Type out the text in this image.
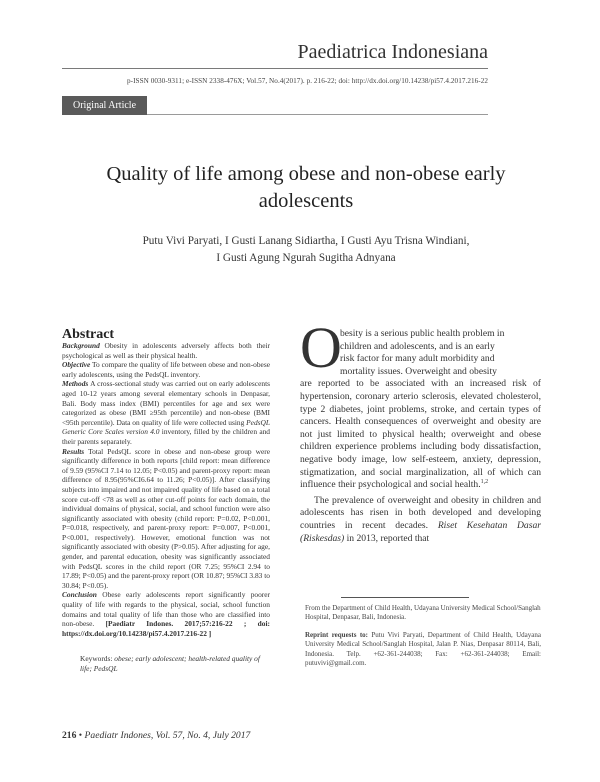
Paediatrica Indonesiana
p-ISSN 0030-9311; e-ISSN 2338-476X; Vol.57, No.4(2017). p. 216-22; doi: http://dx.doi.org/10.14238/pi57.4.2017.216-22
Original Article
Quality of life among obese and non-obese early
adolescents
Putu Vivi Paryati, I Gusti Lanang Sidiartha, I Gusti Ayu Trisna Windiani,
I Gusti Agung Ngurah Sugitha Adnyana
Abstract

Background Obesity in adolescents adversely affects both their psychological as well as their physical health.

Objective To compare the quality of life between obese and non-obese early adolescents, using the PedsQL inventory.

Methods A cross-sectional study was carried out on early adolescents aged 10-12 years among several elementary schools in Denpasar, Bali. Body mass index (BMI) percentiles for age and sex were categorized as obese (BMI ≥95th percentile) and non-obese (BMI <95th percentile). Data on quality of life were collected using PedsQL Generic Core Scales version 4.0 inventory, filled by the children and their parents separately.

Results Total PedsQL score in obese and non-obese group were significantly difference in both reports [child report: mean difference of 9.59 (95%CI 7.14 to 12.05; P<0.05) and parent-proxy report: mean difference of 8.95(95%CI6.64 to 11.26; P<0.05)]. After classifying subjects into impaired and not impaired quality of life based on a total score cut-off <78 as well as other cut-off points for each domain, the individual domains of physical, social, and school function were also significantly associated with obesity (child report: P=0.02, P<0.001, P=0.018, respectively, and parent-proxy report: P=0.007, P<0.001, P<0.001, respectively). However, emotional function was not significantly associated with obesity (P>0.05). After adjusting for age, gender, and parental education, obesity was significantly associated with PedsQL scores in the child report (OR 7.25; 95%CI 2.94 to 17.89; P<0.05) and the parent-proxy report (OR 10.87; 95%CI 3.83 to 30.84; P<0.05).

Conclusion Obese early adolescents report significantly poorer quality of life with regards to the physical, social, school function domains and total quality of life than those who are classified into non-obese. [Paediatr Indones. 2017;57:216-22 ; doi: https://dx.doi.org/10.14238/pi57.4.2017.216-22 ]

Keywords: obese; early adolescent; health-related quality of life; PedsQL
O

besity is a serious public health problem in
children and adolescents, and is an early
risk factor for many adult morbidity and
mortality issues. Overweight and obesity
are reported to be associated with an increased risk of hypertension, coronary arterio sclerosis, elevated cholesterol, type 2 diabetes, joint problems, stroke, and certain types of cancers. Health consequences of overweight and obesity are not just limited to physical health; overweight and obese children experience problems including body dissatisfaction, negative body image, low self-esteem, anxiety, depression, stigmatization, and social marginalization, all of which can influence their psychological and social health.$^{1,2}$

The prevalence of overweight and obesity in children and adolescents has risen in both developed and developing countries in recent decades. Riset Kesehatan Dasar (Riskesdas) in 2013, reported that

From the Department of Child Health, Udayana University Medical School/Sanglah Hospital, Denpasar, Bali, Indonesia.
Reprint requests to: Putu Vivi Paryati, Department of Child Health, Udayana University Medical School/Sanglah Hospital, Jalan P. Nias, Denpasar 80114, Bali, Indonesia. Telp. +62-361-244038; Fax: +62-361-244038; Email: putuvivi@gmail.com.
216 • Paediatr Indones, Vol. 57, No. 4, July 2017
